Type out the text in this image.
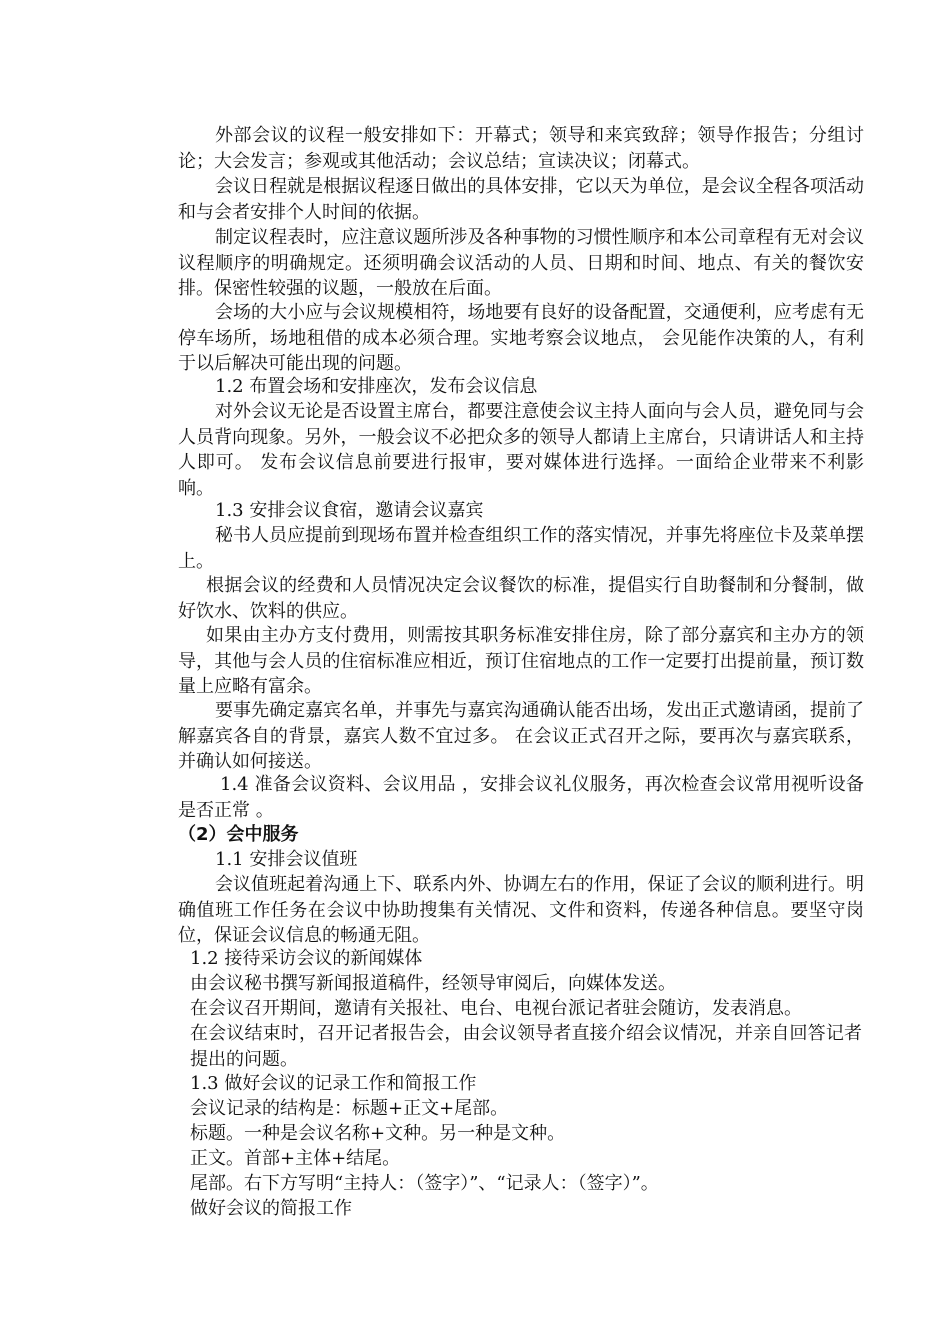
外部会议的议程一般安排如下：开幕式；领导和来宾致辞；领导作报告；分组讨论；大会发言；参观或其他活动；会议总结；宣读决议；闭幕式。
会议日程就是根据议程逐日做出的具体安排，它以天为单位，是会议全程各项活动和与会者安排个人时间的依据。
制定议程表时，应注意议题所涉及各种事物的习惯性顺序和本公司章程有无对会议议程顺序的明确规定。还须明确会议活动的人员、日期和时间、地点、有关的餐饮安排。保密性较强的议题，一般放在后面。
会场的大小应与会议规模相符，场地要有良好的设备配置，交通便利，应考虑有无停车场所，场地租借的成本必须合理。实地考察会议地点， 会见能作决策的人，有利于以后解决可能出现的问题。
1.2 布置会场和安排座次，发布会议信息
对外会议无论是否设置主席台，都要注意使会议主持人面向与会人员，避免同与会人员背向现象。另外，一般会议不必把众多的领导人都请上主席台，只请讲话人和主持人即可。 发布会议信息前要进行报审，要对媒体进行选择。一面给企业带来不利影响。
1.3 安排会议食宿，邀请会议嘉宾
秘书人员应提前到现场布置并检查组织工作的落实情况，并事先将座位卡及菜单摆上。
根据会议的经费和人员情况决定会议餐饮的标准，提倡实行自助餐制和分餐制，做好饮水、饮料的供应。
如果由主办方支付费用，则需按其职务标准安排住房，除了部分嘉宾和主办方的领导，其他与会人员的住宿标准应相近，预订住宿地点的工作一定要打出提前量，预订数量上应略有富余。
要事先确定嘉宾名单，并事先与嘉宾沟通确认能否出场，发出正式邀请函，提前了解嘉宾各自的背景，嘉宾人数不宜过多。 在会议正式召开之际，要再次与嘉宾联系，并确认如何接送。
1.4 准备会议资料、会议用品 ，安排会议礼仪服务，再次检查会议常用视听设备是否正常 。
（2）会中服务
1.1 安排会议值班
会议值班起着沟通上下、联系内外、协调左右的作用，保证了会议的顺利进行。明确值班工作任务在会议中协助搜集有关情况、文件和资料，传递各种信息。要坚守岗位，保证会议信息的畅通无阻。
1.2 接待采访会议的新闻媒体
由会议秘书撰写新闻报道稿件，经领导审阅后，向媒体发送。
在会议召开期间，邀请有关报社、电台、电视台派记者驻会随访，发表消息。
在会议结束时，召开记者报告会，由会议领导者直接介绍会议情况，并亲自回答记者提出的问题。
1.3 做好会议的记录工作和简报工作
会议记录的结构是：标题+正文+尾部。
标题。一种是会议名称+文种。另一种是文种。
正文。首部+主体+结尾。
尾部。右下方写明“主持人：（签字）”、“记录人：（签字）”。
做好会议的简报工作
